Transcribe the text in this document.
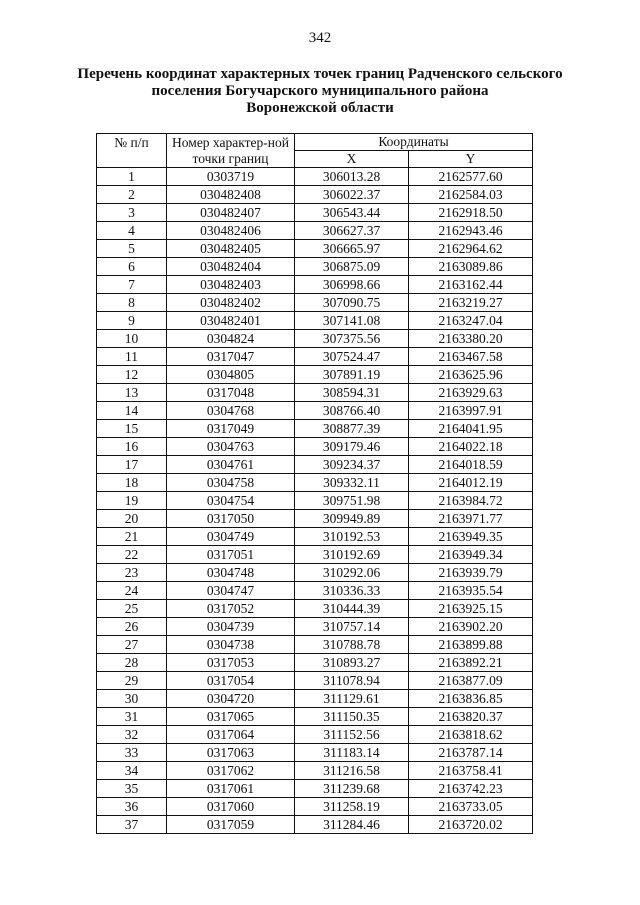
342
Перечень координат характерных точек границ Радченского сельского
поселения Богучарского муниципального района
Воронежской области
№ п/п	Номер характер-ной точки границ	Координаты	
		X	Y
1	0303719	306013.28	2162577.60
2	030482408	306022.37	2162584.03
3	030482407	306543.44	2162918.50
4	030482406	306627.37	2162943.46
5	030482405	306665.97	2162964.62
6	030482404	306875.09	2163089.86
7	030482403	306998.66	2163162.44
8	030482402	307090.75	2163219.27
9	030482401	307141.08	2163247.04
10	0304824	307375.56	2163380.20
11	0317047	307524.47	2163467.58
12	0304805	307891.19	2163625.96
13	0317048	308594.31	2163929.63
14	0304768	308766.40	2163997.91
15	0317049	308877.39	2164041.95
16	0304763	309179.46	2164022.18
17	0304761	309234.37	2164018.59
18	0304758	309332.11	2164012.19
19	0304754	309751.98	2163984.72
20	0317050	309949.89	2163971.77
21	0304749	310192.53	2163949.35
22	0317051	310192.69	2163949.34
23	0304748	310292.06	2163939.79
24	0304747	310336.33	2163935.54
25	0317052	310444.39	2163925.15
26	0304739	310757.14	2163902.20
27	0304738	310788.78	2163899.88
28	0317053	310893.27	2163892.21
29	0317054	311078.94	2163877.09
30	0304720	311129.61	2163836.85
31	0317065	311150.35	2163820.37
32	0317064	311152.56	2163818.62
33	0317063	311183.14	2163787.14
34	0317062	311216.58	2163758.41
35	0317061	311239.68	2163742.23
36	0317060	311258.19	2163733.05
37	0317059	311284.46	2163720.02
